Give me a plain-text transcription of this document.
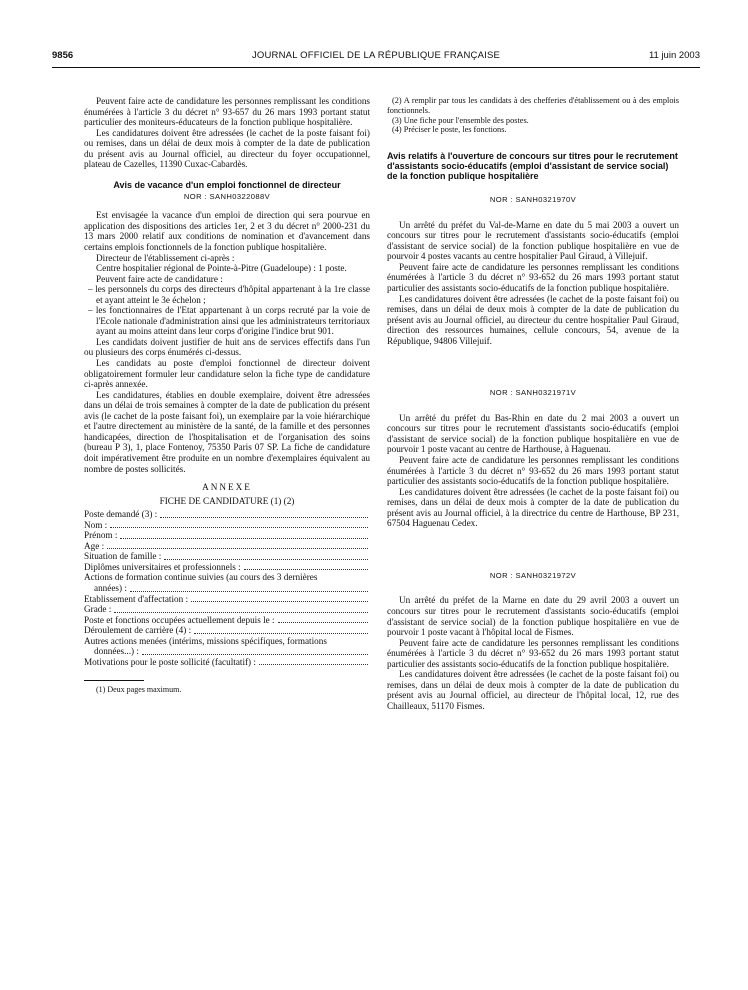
9856	JOURNAL OFFICIEL DE LA RÉPUBLIQUE FRANÇAISE	11 juin 2003

Peuvent faire acte de candidature les personnes remplissant les conditions énumérées à l'article 3 du décret n° 93-657 du 26 mars 1993 portant statut particulier des moniteurs-éducateurs de la fonction publique hospitalière.

Les candidatures doivent être adressées (le cachet de la poste faisant foi) ou remises, dans un délai de deux mois à compter de la date de publication du présent avis au Journal officiel, au directeur du foyer occupationnel, plateau de Cazelles, 11390 Cuxac-Cabardès.

Avis de vacance d'un emploi fonctionnel de directeur
NOR : SANH0322088V

Est envisagée la vacance d'un emploi de direction qui sera pourvue en application des dispositions des articles 1er, 2 et 3 du décret n° 2000-231 du 13 mars 2000 relatif aux conditions de nomination et d'avancement dans certains emplois fonctionnels de la fonction publique hospitalière.

Directeur de l'établissement ci-après :

Centre hospitalier régional de Pointe-à-Pitre (Guadeloupe) : 1 poste.

Peuvent faire acte de candidature :

– les personnels du corps des directeurs d'hôpital appartenant à la 1re classe et ayant atteint le 3e échelon ;

– les fonctionnaires de l'Etat appartenant à un corps recruté par la voie de l'Ecole nationale d'administration ainsi que les administrateurs territoriaux ayant au moins atteint dans leur corps d'origine l'indice brut 901.

Les candidats doivent justifier de huit ans de services effectifs dans l'un ou plusieurs des corps énumérés ci-dessus.

Les candidats au poste d'emploi fonctionnel de directeur doivent obligatoirement formuler leur candidature selon la fiche type de candidature ci-après annexée.

Les candidatures, établies en double exemplaire, doivent être adressées dans un délai de trois semaines à compter de la date de publication du présent avis (le cachet de la poste faisant foi), un exemplaire par la voie hiérarchique et l'autre directement au ministère de la santé, de la famille et des personnes handicapées, direction de l'hospitalisation et de l'organisation des soins (bureau P 3), 1, place Fontenoy, 75350 Paris 07 SP. La fiche de candidature doit impérativement être produite en un nombre d'exemplaires équivalent au nombre de postes sollicités.

ANNEXE
FICHE DE CANDIDATURE (1) (2)
Poste demandé (3) :
Nom :
Prénom :
Age :
Situation de famille :
Diplômes universitaires et professionnels :
Actions de formation continue suivies (au cours des 3 dernières
années) :
Etablissement d'affectation :
Grade :
Poste et fonctions occupées actuellement depuis le :
Déroulement de carrière (4) :
Autres actions menées (intérims, missions spécifiques, formations
données...) :
Motivations pour le poste sollicité (facultatif) :

(1) Deux pages maximum.

(2) A remplir par tous les candidats à des chefferies d'établissement ou à des emplois fonctionnels.

(3) Une fiche pour l'ensemble des postes.

(4) Préciser le poste, les fonctions.

Avis relatifs à l'ouverture de concours sur titres pour le recrutement d'assistants socio-éducatifs (emploi d'assistant de service social) de la fonction publique hospitalière
NOR : SANH0321970V

Un arrêté du préfet du Val-de-Marne en date du 5 mai 2003 a ouvert un concours sur titres pour le recrutement d'assistants socio-éducatifs (emploi d'assistant de service social) de la fonction publique hospitalière en vue de pourvoir 4 postes vacants au centre hospitalier Paul Giraud, à Villejuif.

Peuvent faire acte de candidature les personnes remplissant les conditions énumérées à l'article 3 du décret n° 93-652 du 26 mars 1993 portant statut particulier des assistants socio-éducatifs de la fonction publique hospitalière.

Les candidatures doivent être adressées (le cachet de la poste faisant foi) ou remises, dans un délai de deux mois à compter de la date de publication du présent avis au Journal officiel, au directeur du centre hospitalier Paul Giraud, direction des ressources humaines, cellule concours, 54, avenue de la République, 94806 Villejuif.

NOR : SANH0321971V

Un arrêté du préfet du Bas-Rhin en date du 2 mai 2003 a ouvert un concours sur titres pour le recrutement d'assistants socio-éducatifs (emploi d'assistant de service social) de la fonction publique hospitalière en vue de pourvoir 1 poste vacant au centre de Harthouse, à Haguenau.

Peuvent faire acte de candidature les personnes remplissant les conditions énumérées à l'article 3 du décret n° 93-652 du 26 mars 1993 portant statut particulier des assistants socio-éducatifs de la fonction publique hospitalière.

Les candidatures doivent être adressées (le cachet de la poste faisant foi) ou remises, dans un délai de deux mois à compter de la date de publication du présent avis au Journal officiel, à la directrice du centre de Harthouse, BP 231, 67504 Haguenau Cedex.

NOR : SANH0321972V

Un arrêté du préfet de la Marne en date du 29 avril 2003 a ouvert un concours sur titres pour le recrutement d'assistants socio-éducatifs (emploi d'assistant de service social) de la fonction publique hospitalière en vue de pourvoir 1 poste vacant à l'hôpital local de Fismes.

Peuvent faire acte de candidature les personnes remplissant les conditions énumérées à l'article 3 du décret n° 93-652 du 26 mars 1993 portant statut particulier des assistants socio-éducatifs de la fonction publique hospitalière.

Les candidatures doivent être adressées (le cachet de la poste faisant foi) ou remises, dans un délai de deux mois à compter de la date de publication du présent avis au Journal officiel, au directeur de l'hôpital local, 12, rue des Chailleaux, 51170 Fismes.
